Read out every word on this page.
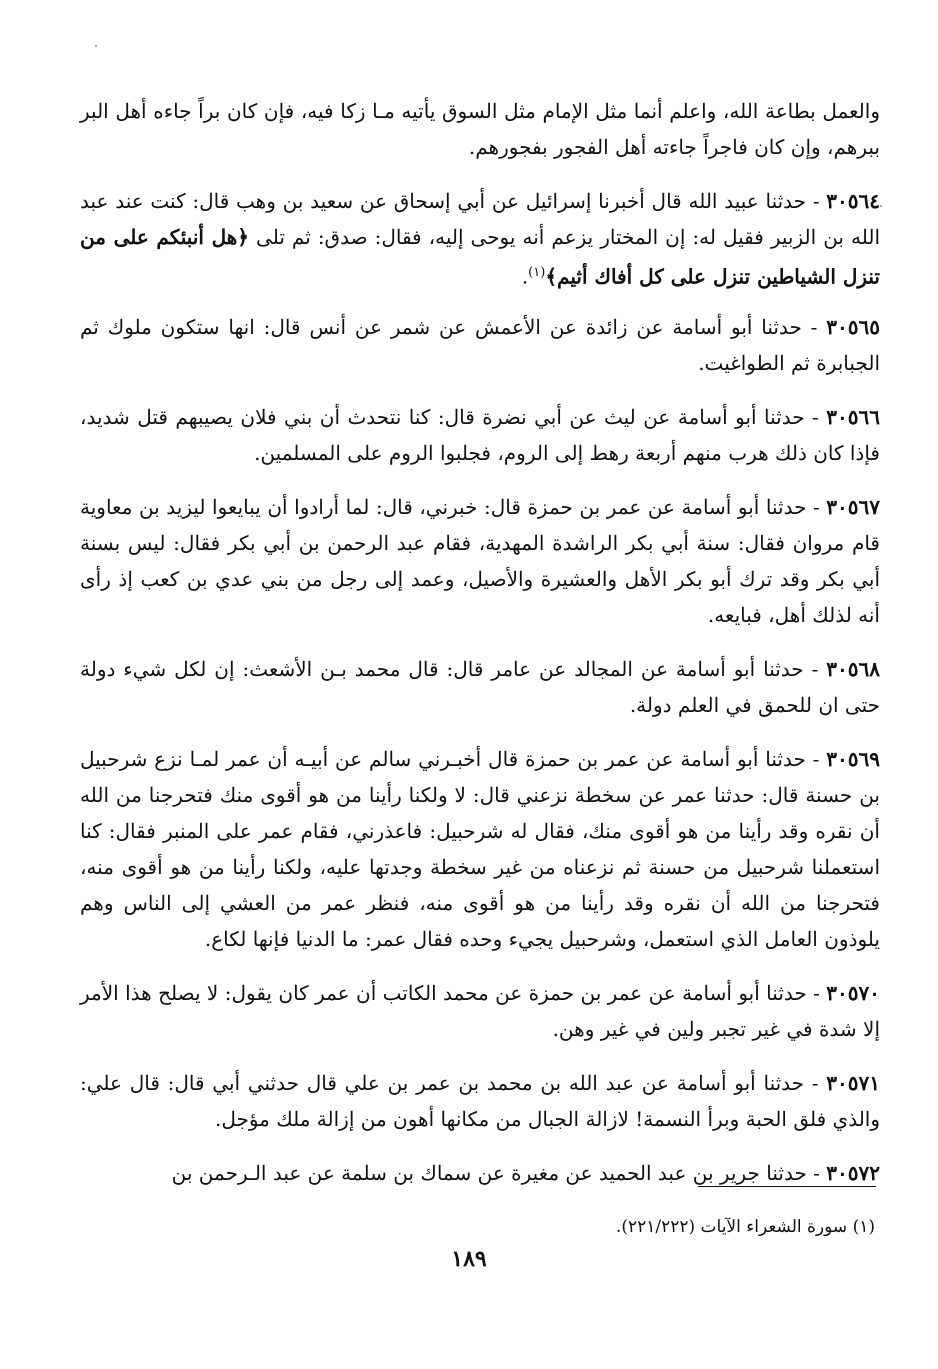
والعمل بطاعة الله، واعلم أنما مثل الإمام مثل السوق يأتيه مـا زكا فيه، فإن كان براً جاءه أهل البر ببرهم، وإن كان فاجراً جاءته أهل الفجور بفجورهم.

٣٠٥٦٤ - حدثنا عبيد الله قال أخبرنا إسرائيل عن أبي إسحاق عن سعيد بن وهب قال: كنت عند عبد الله بن الزبير فقيل له: إن المختار يزعم أنه يوحى إليه، فقال: صدق: ثم تلى ﴿هل أنبئكم على من تنزل الشياطين تنزل على كل أفاك أثيم﴾$^{(١)}$.

٣٠٥٦٥ - حدثنا أبو أسامة عن زائدة عن الأعمش عن شمر عن أنس قال: انها ستكون ملوك ثم الجبابرة ثم الطواغيت.

٣٠٥٦٦ - حدثنا أبو أسامة عن ليث عن أبي نضرة قال: كنا نتحدث أن بني فلان يصيبهم قتل شديد، فإذا كان ذلك هرب منهم أربعة رهط إلى الروم، فجلبوا الروم على المسلمين.

٣٠٥٦٧ - حدثنا أبو أسامة عن عمر بن حمزة قال: خبرني، قال: لما أرادوا أن يبايعوا ليزيد بن معاوية قام مروان فقال: سنة أبي بكر الراشدة المهدية، فقام عبد الرحمن بن أبي بكر فقال: ليس بسنة أبي بكر وقد ترك أبو بكر الأهل والعشيرة والأصيل، وعمد إلى رجل من بني عدي بن كعب إذ رأى أنه لذلك أهل، فبايعه.

٣٠٥٦٨ - حدثنا أبو أسامة عن المجالد عن عامر قال: قال محمد بـن الأشعث: إن لكل شيء دولة حتى ان للحمق في العلم دولة.

٣٠٥٦٩ - حدثنا أبو أسامة عن عمر بن حمزة قال أخبـرني سالم عن أبيـه أن عمر لمـا نزع شرحبيل بن حسنة قال: حدثنا عمر عن سخطة نزعني قال: لا ولكنا رأينا من هو أقوى منك فتحرجنا من الله أن نقره وقد رأينا من هو أقوى منك، فقال له شرحبيل: فاعذرني، فقام عمر على المنبر فقال: كنا استعملنا شرحبيل من حسنة ثم نزعناه من غير سخطة وجدتها عليه، ولكنا رأينا من هو أقوى منه، فتحرجنا من الله أن نقره وقد رأينا من هو أقوى منه، فنظر عمر من العشي إلى الناس وهم يلوذون العامل الذي استعمل، وشرحبيل يجيء وحده فقال عمر: ما الدنيا فإنها لكاع.

٣٠٥٧٠ - حدثنا أبو أسامة عن عمر بن حمزة عن محمد الكاتب أن عمر كان يقول: لا يصلح هذا الأمر إلا شدة في غير تجبر ولين في غير وهن.

٣٠٥٧١ - حدثنا أبو أسامة عن عبد الله بن محمد بن عمر بن علي قال حدثني أبي قال: قال علي: والذي فلق الحبة وبرأ النسمة! لازالة الجبال من مكانها أهون من إزالة ملك مؤجل.

٣٠٥٧٢ - حدثنا جرير بن عبد الحميد عن مغيرة عن سماك بن سلمة عن عبد الـرحمن بن

(١) سورة الشعراء الآيات (٢٢١/٢٢٢).
١٨٩
